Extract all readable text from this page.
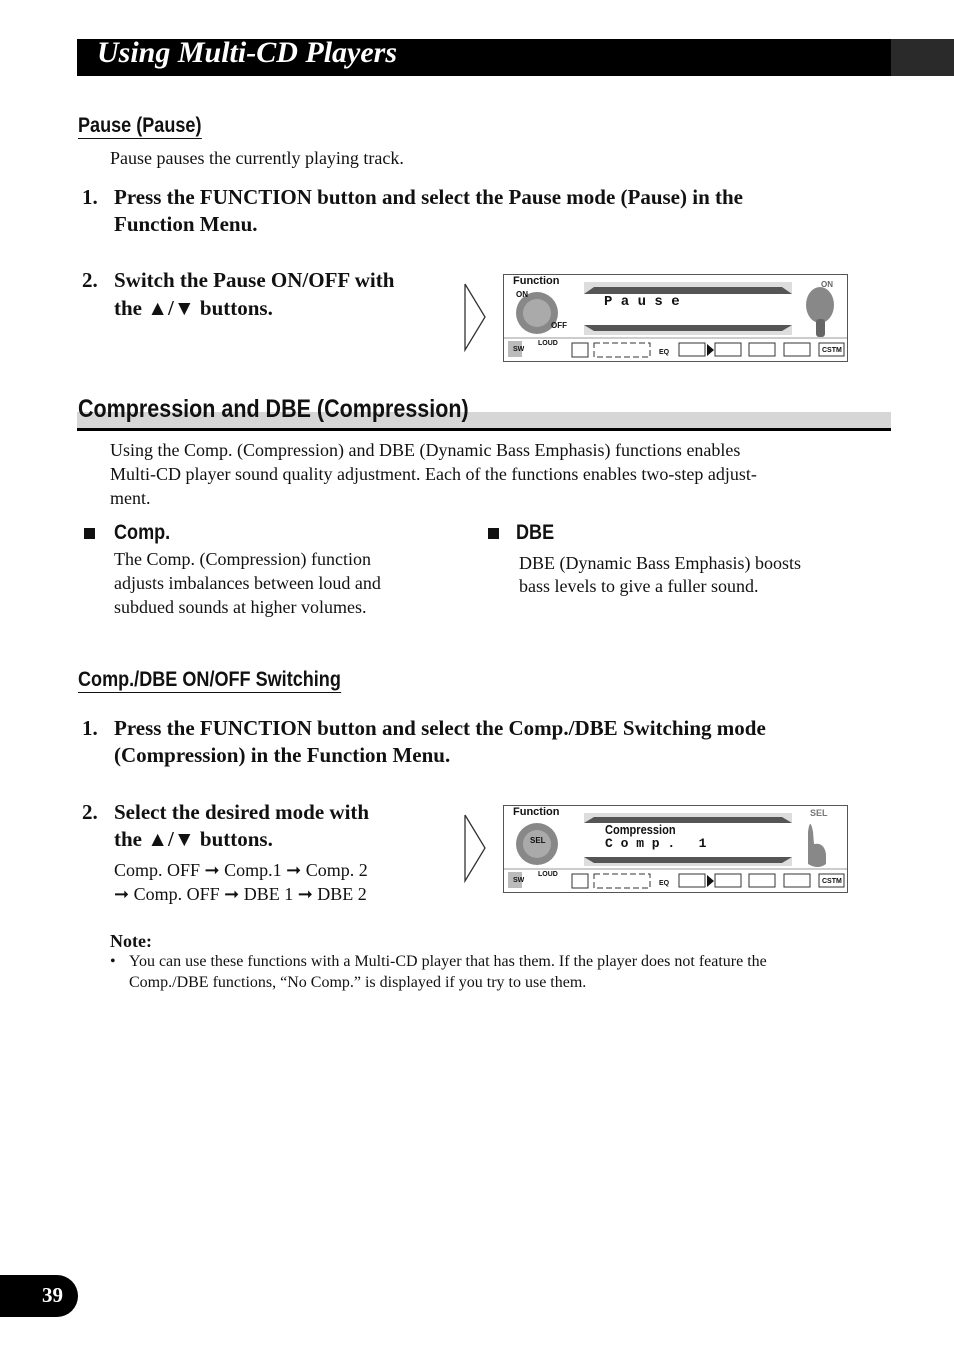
Using Multi-CD Players
Pause (Pause)
Pause pauses the currently playing track.
1. Press the FUNCTION button and select the Pause mode (Pause) in the
Function Menu.
2. Switch the Pause ON/OFF with
the ▲/▼ buttons.
Function
ON
OFF
P a u s e
ON
SW
LOUD
EQ	CSTM
Compression and DBE (Compression)
Using the Comp. (Compression) and DBE (Dynamic Bass Emphasis) functions enables
Multi-CD player sound quality adjustment. Each of the functions enables two-step adjust-
ment.
Comp.
The Comp. (Compression) function
adjusts imbalances between loud and
subdued sounds at higher volumes.
DBE
DBE (Dynamic Bass Emphasis) boosts
bass levels to give a fuller sound.
Comp./DBE ON/OFF Switching
1. Press the FUNCTION button and select the Comp./DBE Switching mode
(Compression) in the Function Menu.
2. Select the desired mode with
the ▲/▼ buttons.
Comp. OFF ➞ Comp.1 ➞ Comp. 2
➞ Comp. OFF ➞ DBE 1 ➞ DBE 2
Function
SEL
Compression
C o m p .   1
SEL
SW
LOUD
EQ	CSTM
Note:
• You can use these functions with a Multi-CD player that has them. If the player does not feature the
Comp./DBE functions, “No Comp.” is displayed if you try to use them.
39
